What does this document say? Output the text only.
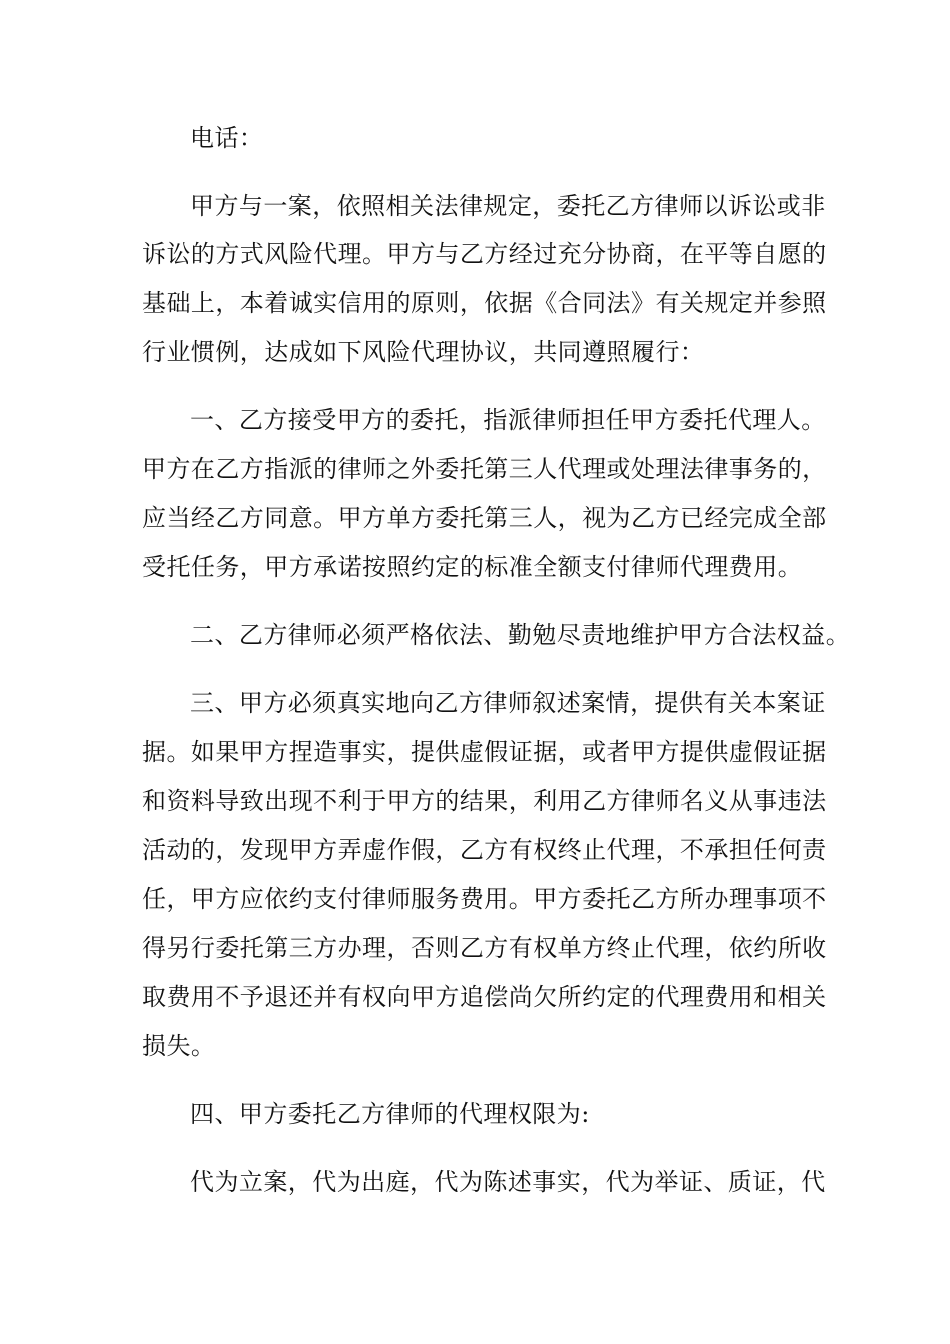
电话：
甲方与一案，依照相关法律规定，委托乙方律师以诉讼或非
诉讼的方式风险代理。甲方与乙方经过充分协商，在平等自愿的
基础上，本着诚实信用的原则，依据《合同法》有关规定并参照
行业惯例，达成如下风险代理协议，共同遵照履行：
一、乙方接受甲方的委托，指派律师担任甲方委托代理人。
甲方在乙方指派的律师之外委托第三人代理或处理法律事务的，
应当经乙方同意。甲方单方委托第三人，视为乙方已经完成全部
受托任务，甲方承诺按照约定的标准全额支付律师代理费用。
二、乙方律师必须严格依法、勤勉尽责地维护甲方合法权益。
三、甲方必须真实地向乙方律师叙述案情，提供有关本案证
据。如果甲方捏造事实，提供虚假证据，或者甲方提供虚假证据
和资料导致出现不利于甲方的结果，利用乙方律师名义从事违法
活动的，发现甲方弄虚作假，乙方有权终止代理，不承担任何责
任，甲方应依约支付律师服务费用。甲方委托乙方所办理事项不
得另行委托第三方办理，否则乙方有权单方终止代理，依约所收
取费用不予退还并有权向甲方追偿尚欠所约定的代理费用和相关
损失。
四、甲方委托乙方律师的代理权限为:
代为立案，代为出庭，代为陈述事实，代为举证、质证，代
